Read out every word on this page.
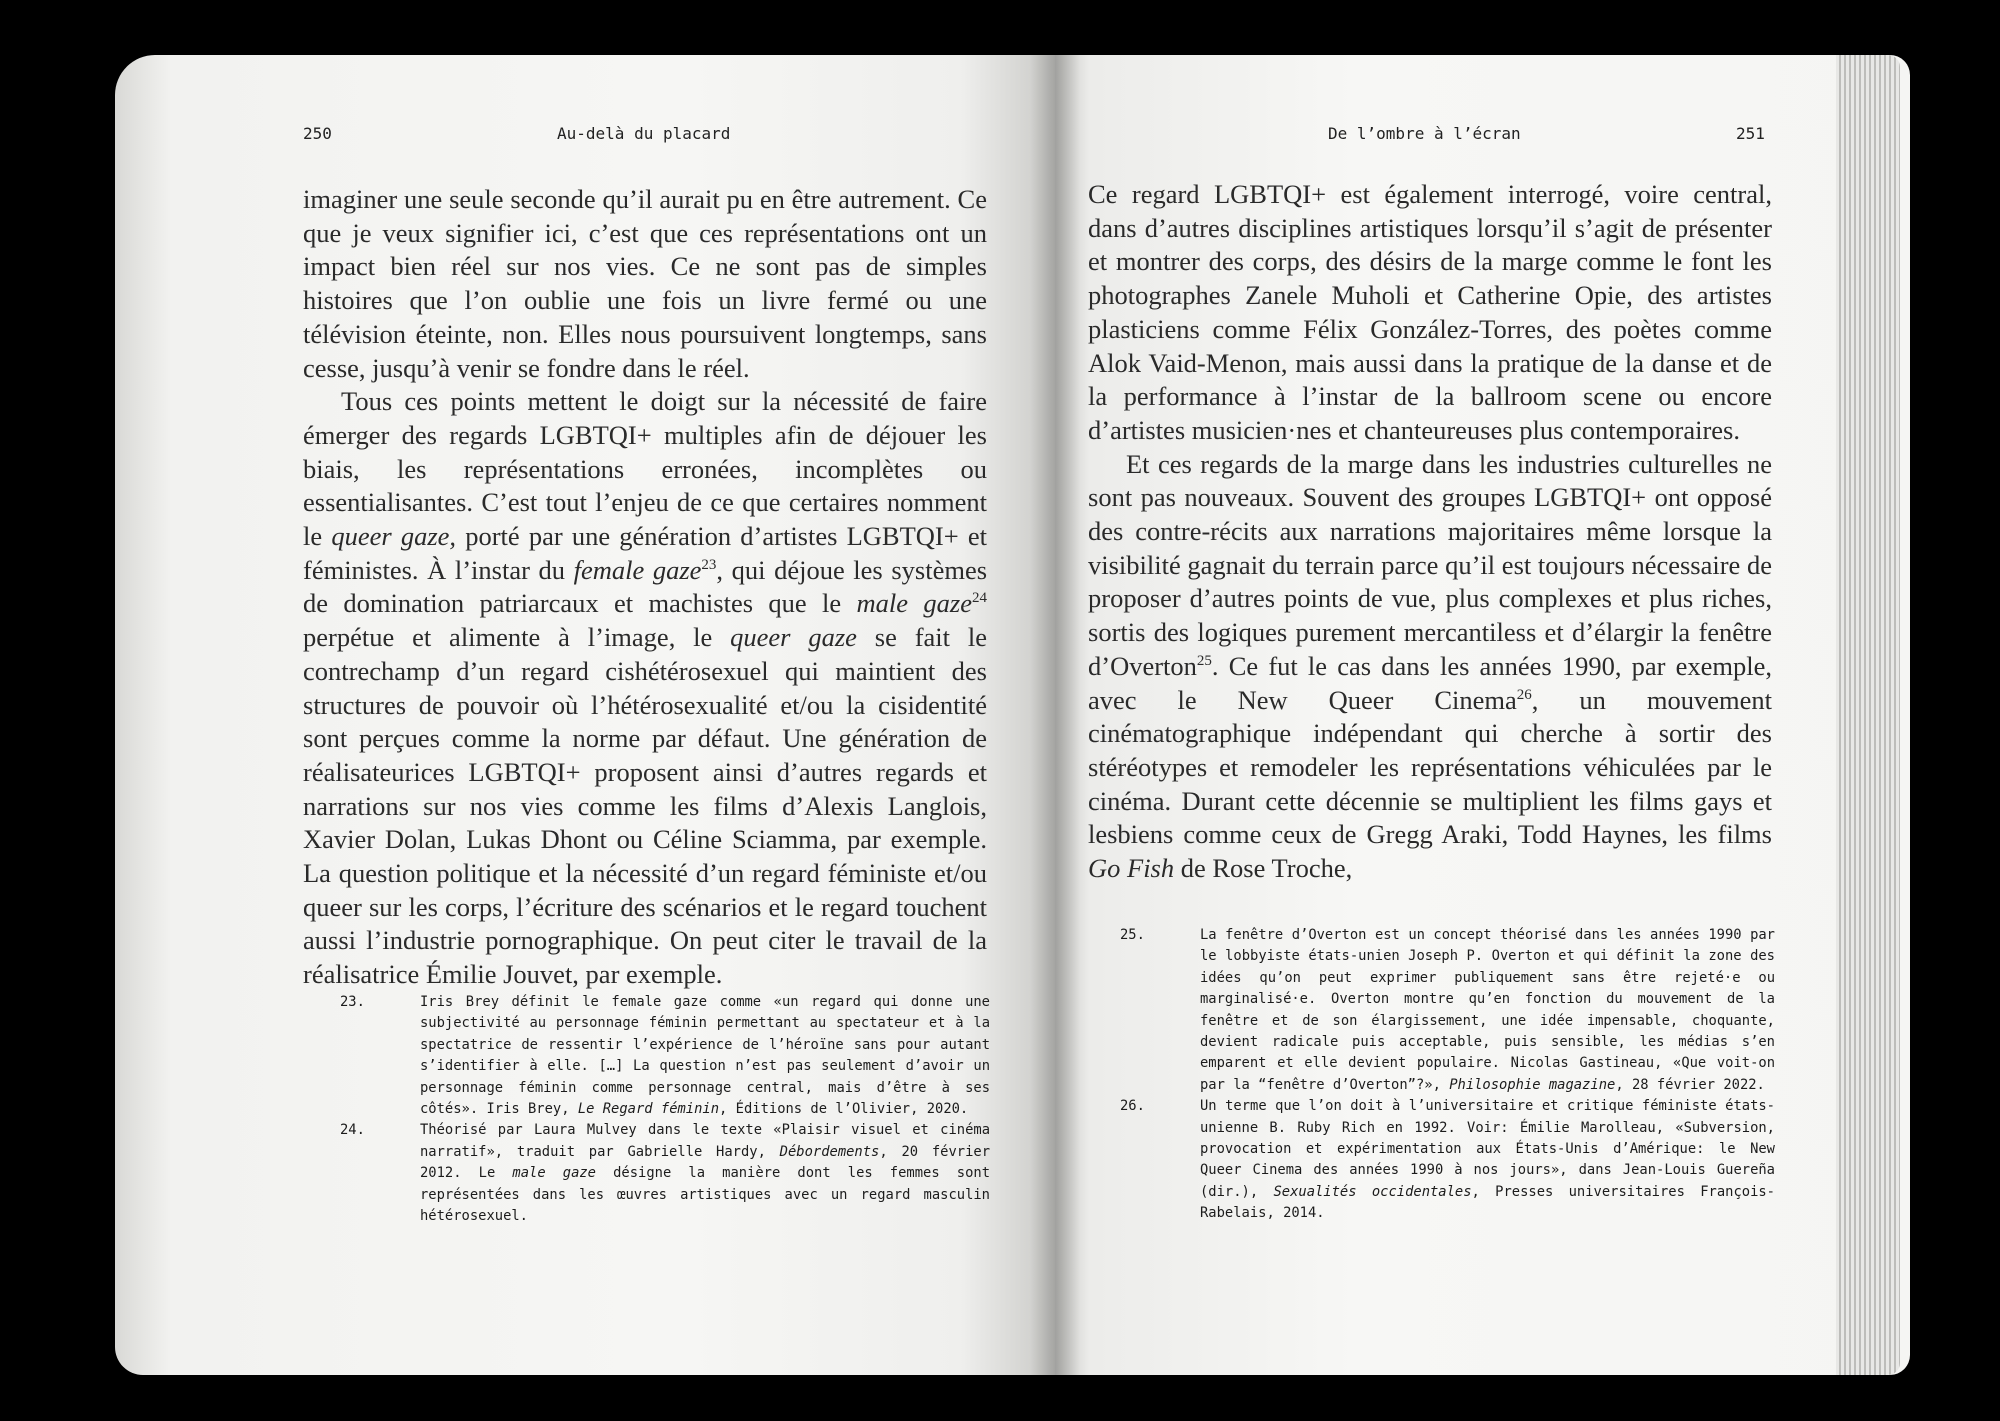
250	Au-delà du placard	De l’ombre à l’écran	251

imaginer une seule seconde qu’il aurait pu en être autrement. Ce que je veux signifier ici, c’est que ces représentations ont un impact bien réel sur nos vies. Ce ne sont pas de simples histoires que l’on oublie une fois un livre fermé ou une télévision éteinte, non. Elles nous poursuivent longtemps, sans cesse, jusqu’à venir se fondre dans le réel.

Tous ces points mettent le doigt sur la nécessité de faire émerger des regards LGBTQI+ multiples afin de déjouer les biais, les représentations erronées, incomplètes ou essentialisantes. C’est tout l’enjeu de ce que certaires nomment le queer gaze, porté par une génération d’artistes LGBTQI+ et féministes. À l’instar du female gaze$^{23}$, qui déjoue les systèmes de domination patriarcaux et machistes que le male gaze$^{24}$ perpétue et alimente à l’image, le queer gaze se fait le contrechamp d’un regard cishétérosexuel qui maintient des structures de pouvoir où l’hétérosexualité et/ou la cisidentité sont perçues comme la norme par défaut. Une génération de réalisateurices LGBTQI+ proposent ainsi d’autres regards et narrations sur nos vies comme les films d’Alexis Langlois, Xavier Dolan, Lukas Dhont ou Céline Sciamma, par exemple. La question politique et la nécessité d’un regard féministe et/ou queer sur les corps, l’écriture des scénarios et le regard touchent aussi l’industrie pornographique. On peut citer le travail de la réalisatrice Émilie Jouvet, par exemple.

23.	Iris Brey définit le female gaze comme «un regard qui donne une subjectivité au personnage féminin permettant au spectateur et à la spectatrice de ressentir l’expérience de l’héroïne sans pour autant s’identifier à elle. […] La question n’est pas seulement d’avoir un personnage féminin comme personnage central, mais d’être à ses côtés». Iris Brey, Le Regard féminin, Éditions de l’Olivier, 2020.
24.	Théorisé par Laura Mulvey dans le texte «Plaisir visuel et cinéma narratif», traduit par Gabrielle Hardy, Débordements, 20 février 2012. Le male gaze désigne la manière dont les femmes sont représentées dans les œuvres artistiques avec un regard masculin hétérosexuel.

Ce regard LGBTQI+ est également interrogé, voire central, dans d’autres disciplines artistiques lorsqu’il s’agit de présenter et montrer des corps, des désirs de la marge comme le font les photographes Zanele Muholi et Catherine Opie, des artistes plasticiens comme Félix González-Torres, des poètes comme Alok Vaid-Menon, mais aussi dans la pratique de la danse et de la performance à l’instar de la ballroom scene ou encore d’artistes musicien·nes et chanteureuses plus contemporaires.

Et ces regards de la marge dans les industries culturelles ne sont pas nouveaux. Souvent des groupes LGBTQI+ ont opposé des contre-récits aux narrations majoritaires même lorsque la visibilité gagnait du terrain parce qu’il est toujours nécessaire de proposer d’autres points de vue, plus complexes et plus riches, sortis des logiques purement mercantiless et d’élargir la fenêtre d’Overton$^{25}$. Ce fut le cas dans les années 1990, par exemple, avec le New Queer Cinema$^{26}$, un mouvement cinématographique indépendant qui cherche à sortir des stéréotypes et remodeler les représentations véhiculées par le cinéma. Durant cette décennie se multiplient les films gays et lesbiens comme ceux de Gregg Araki, Todd Haynes, les films Go Fish de Rose Troche,

25.	La fenêtre d’Overton est un concept théorisé dans les années 1990 par le lobbyiste états-unien Joseph P. Overton et qui définit la zone des idées qu’on peut exprimer publiquement sans être rejeté·e ou marginalisé·e. Overton montre qu’en fonction du mouvement de la fenêtre et de son élargissement, une idée impensable, choquante, devient radicale puis acceptable, puis sensible, les médias s’en emparent et elle devient populaire. Nicolas Gastineau, «Que voit-on par la “fenêtre d’Overton”?», Philosophie magazine, 28 février 2022.
26.	Un terme que l’on doit à l’universitaire et critique féministe états-unienne B. Ruby Rich en 1992. Voir: Émilie Marolleau, «Subversion, provocation et expérimentation aux États-Unis d’Amérique: le New Queer Cinema des années 1990 à nos jours», dans Jean-Louis Guereña (dir.), Sexualités occidentales, Presses universitaires François-Rabelais, 2014.
